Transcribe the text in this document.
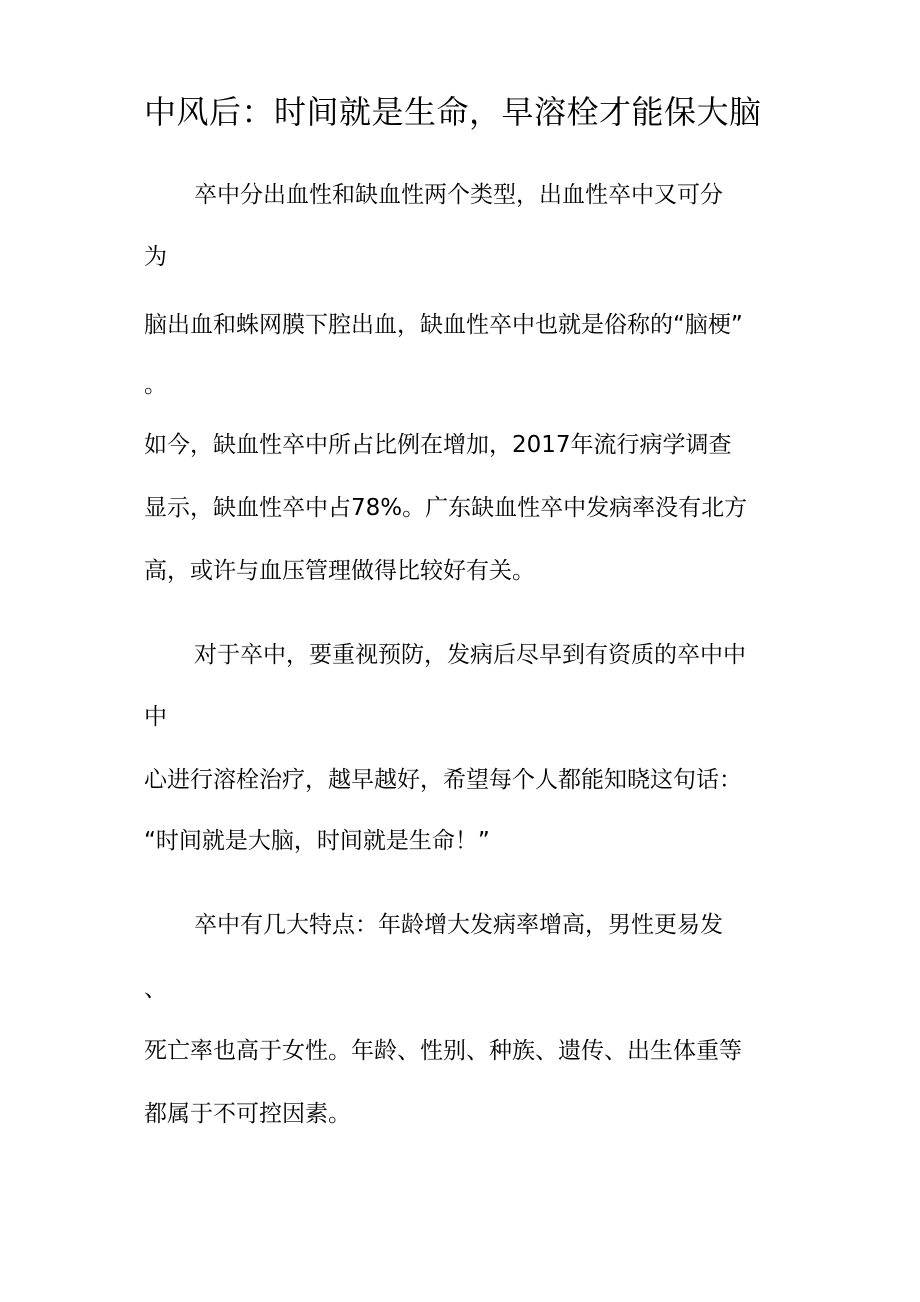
中风后：时间就是生命，早溶栓才能保大脑
卒中分出血性和缺血性两个类型，出血性卒中又可分
为
脑出血和蛛网膜下腔出血，缺血性卒中也就是俗称的“脑梗”
。
如今，缺血性卒中所占比例在增加，2017年流行病学调查
显示，缺血性卒中占78%。广东缺血性卒中发病率没有北方
高，或许与血压管理做得比较好有关。
对于卒中，要重视预防，发病后尽早到有资质的卒中中
中
心进行溶栓治疗，越早越好，希望每个人都能知晓这句话：
“时间就是大脑，时间就是生命！”
卒中有几大特点：年龄增大发病率增高，男性更易发
、
死亡率也高于女性。年龄、性别、种族、遗传、出生体重等
都属于不可控因素。
